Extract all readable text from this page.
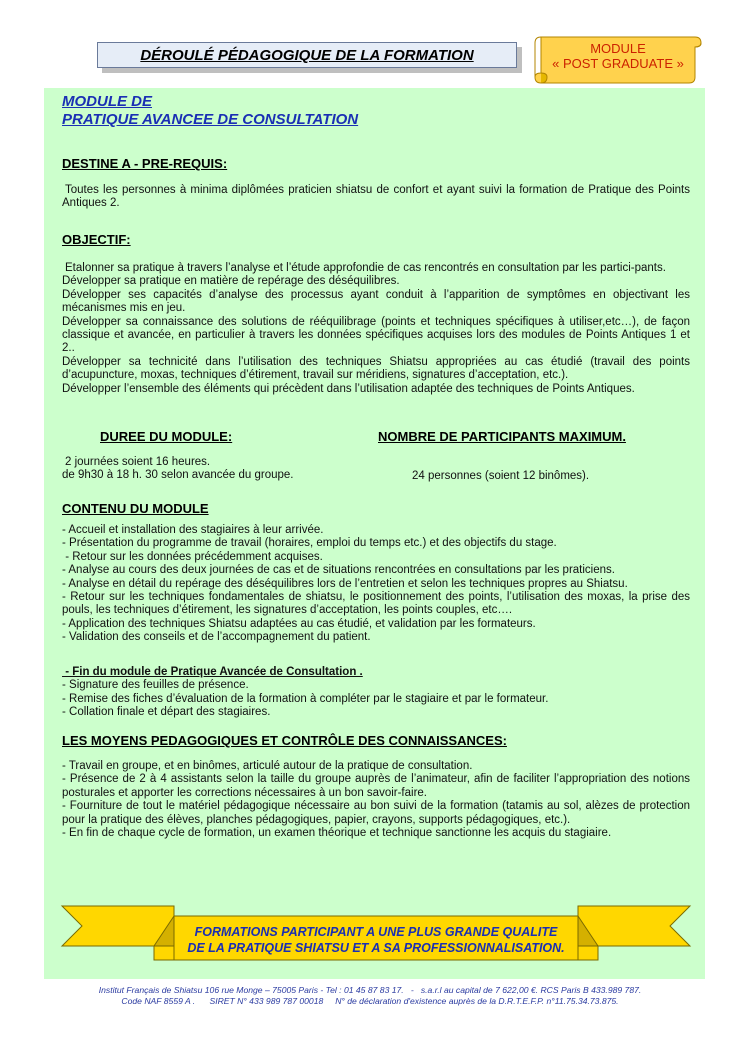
DÉROULÉ PÉDAGOGIQUE DE LA FORMATION	MODULE
« POST GRADUATE »
MODULE DE
PRATIQUE AVANCEE DE CONSULTATION
DESTINE A - PRE-REQUIS:
Toutes les personnes à minima diplômées praticien shiatsu de confort et ayant suivi la formation de Pratique des Points Antiques 2.
OBJECTIF:
Etalonner sa pratique à travers l’analyse et l’étude approfondie de cas rencontrés en consultation par les partici-pants.
Développer sa pratique en matière de repérage des déséquilibres.
Développer ses capacités d’analyse des processus ayant conduit à l’apparition de symptômes en objectivant les mécanismes mis en jeu.
Développer sa connaissance des solutions de rééquilibrage (points et techniques spécifiques à utiliser,etc…), de façon classique et avancée, en particulier à travers les données spécifiques acquises lors des modules de Points Antiques 1 et 2..
Développer sa technicité dans l’utilisation des techniques Shiatsu appropriées au cas étudié (travail des points d’acupuncture, moxas, techniques d’étirement, travail sur méridiens, signatures d’acceptation, etc.).
Développer l’ensemble des éléments qui précèdent dans l’utilisation adaptée des techniques de Points Antiques.
DUREE DU MODULE:	NOMBRE DE PARTICIPANTS MAXIMUM.
2 journées soient 16 heures.
de 9h30 à 18 h. 30 selon avancée du groupe.	24 personnes (soient 12 binômes).
CONTENU DU MODULE
- Accueil et installation des stagiaires à leur arrivée.
- Présentation du programme de travail (horaires, emploi du temps etc.) et des objectifs du stage.
- Retour sur les données précédemment acquises.
- Analyse au cours des deux journées de cas et de situations rencontrées en consultations par les praticiens.
- Analyse en détail du repérage des déséquilibres lors de l’entretien et selon les techniques propres au Shiatsu.
- Retour sur les techniques fondamentales de shiatsu, le positionnement des points, l’utilisation des moxas, la prise des pouls, les techniques d’étirement, les signatures d’acceptation, les points couples, etc….
- Application des techniques Shiatsu adaptées au cas étudié, et validation par les formateurs.
- Validation des conseils et de l’accompagnement du patient.
- Fin du module de Pratique Avancée de Consultation .
- Signature des feuilles de présence.
- Remise des fiches d’évaluation de la formation à compléter par le stagiaire et par le formateur.
- Collation finale et départ des stagiaires.
LES MOYENS PEDAGOGIQUES ET CONTRÔLE DES CONNAISSANCES:
- Travail en groupe, et en binômes, articulé autour de la pratique de consultation.
- Présence de 2 à 4 assistants selon la taille du groupe auprès de l’animateur, afin de faciliter l’appropriation des notions posturales et apporter les corrections nécessaires à un bon savoir-faire.
- Fourniture de tout le matériel pédagogique nécessaire au bon suivi de la formation (tatamis au sol, alèzes de protection pour la pratique des élèves, planches pédagogiques, papier, crayons, supports pédagogiques, etc.).
- En fin de chaque cycle de formation, un examen théorique et technique sanctionne les acquis du stagiaire.
FORMATIONS PARTICIPANT A UNE PLUS GRANDE QUALITE
DE LA PRATIQUE SHIATSU ET A SA PROFESSIONNALISATION.
Institut Français de Shiatsu 106 rue Monge – 75005 Paris - Tel : 01 45 87 83 17.   -   s.a.r.l au capital de 7 622,00 €. RCS Paris B 433.989 787.
Code NAF 8559 A .      SIRET N° 433 989 787 00018     N° de déclaration d'existence auprès de la D.R.T.E.F.P. n°11.75.34.73.875.
